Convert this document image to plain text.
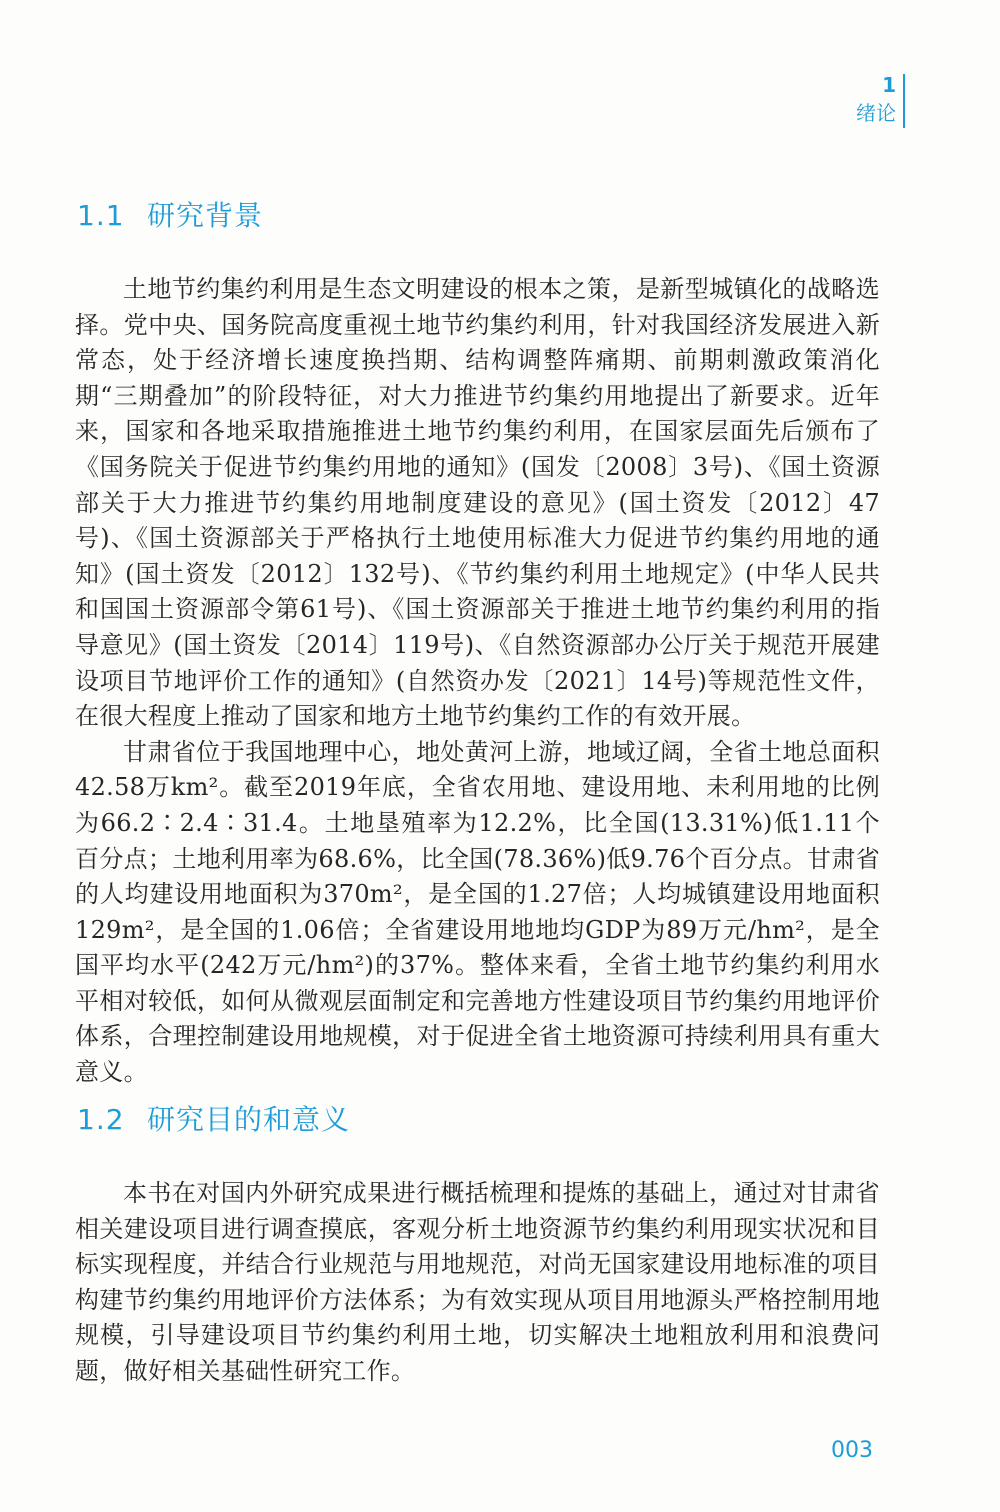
1
绪论
1.1 研究背景

土地节约集约利用是生态文明建设的根本之策，是新型城镇化的战略选择。党中央、国务院高度重视土地节约集约利用，针对我国经济发展进入新常态，处于经济增长速度换挡期、结构调整阵痛期、前期刺激政策消化期“三期叠加”的阶段特征，对大力推进节约集约用地提出了新要求。近年来，国家和各地采取措施推进土地节约集约利用，在国家层面先后颁布了《国务院关于促进节约集约用地的通知》(国发〔2008〕3号)、《国土资源部关于大力推进节约集约用地制度建设的意见》(国土资发〔2012〕47号)、《国土资源部关于严格执行土地使用标准大力促进节约集约用地的通知》(国土资发〔2012〕132号)、《节约集约利用土地规定》(中华人民共和国国土资源部令第61号)、《国土资源部关于推进土地节约集约利用的指导意见》(国土资发〔2014〕119号)、《自然资源部办公厅关于规范开展建设项目节地评价工作的通知》(自然资办发〔2021〕14号)等规范性文件，在很大程度上推动了国家和地方土地节约集约工作的有效开展。

甘肃省位于我国地理中心，地处黄河上游，地域辽阔，全省土地总面积42.58万km²。截至2019年底，全省农用地、建设用地、未利用地的比例为66.2∶2.4∶31.4。土地垦殖率为12.2%，比全国(13.31%)低1.11个百分点；土地利用率为68.6%，比全国(78.36%)低9.76个百分点。甘肃省的人均建设用地面积为370m²，是全国的1.27倍；人均城镇建设用地面积129m²，是全国的1.06倍；全省建设用地地均GDP为89万元/hm²，是全国平均水平(242万元/hm²)的37%。整体来看，全省土地节约集约利用水平相对较低，如何从微观层面制定和完善地方性建设项目节约集约用地评价体系，合理控制建设用地规模，对于促进全省土地资源可持续利用具有重大意义。

1.2 研究目的和意义

本书在对国内外研究成果进行概括梳理和提炼的基础上，通过对甘肃省相关建设项目进行调查摸底，客观分析土地资源节约集约利用现实状况和目标实现程度，并结合行业规范与用地规范，对尚无国家建设用地标准的项目构建节约集约用地评价方法体系；为有效实现从项目用地源头严格控制用地规模，引导建设项目节约集约利用土地，切实解决土地粗放利用和浪费问题，做好相关基础性研究工作。

003
